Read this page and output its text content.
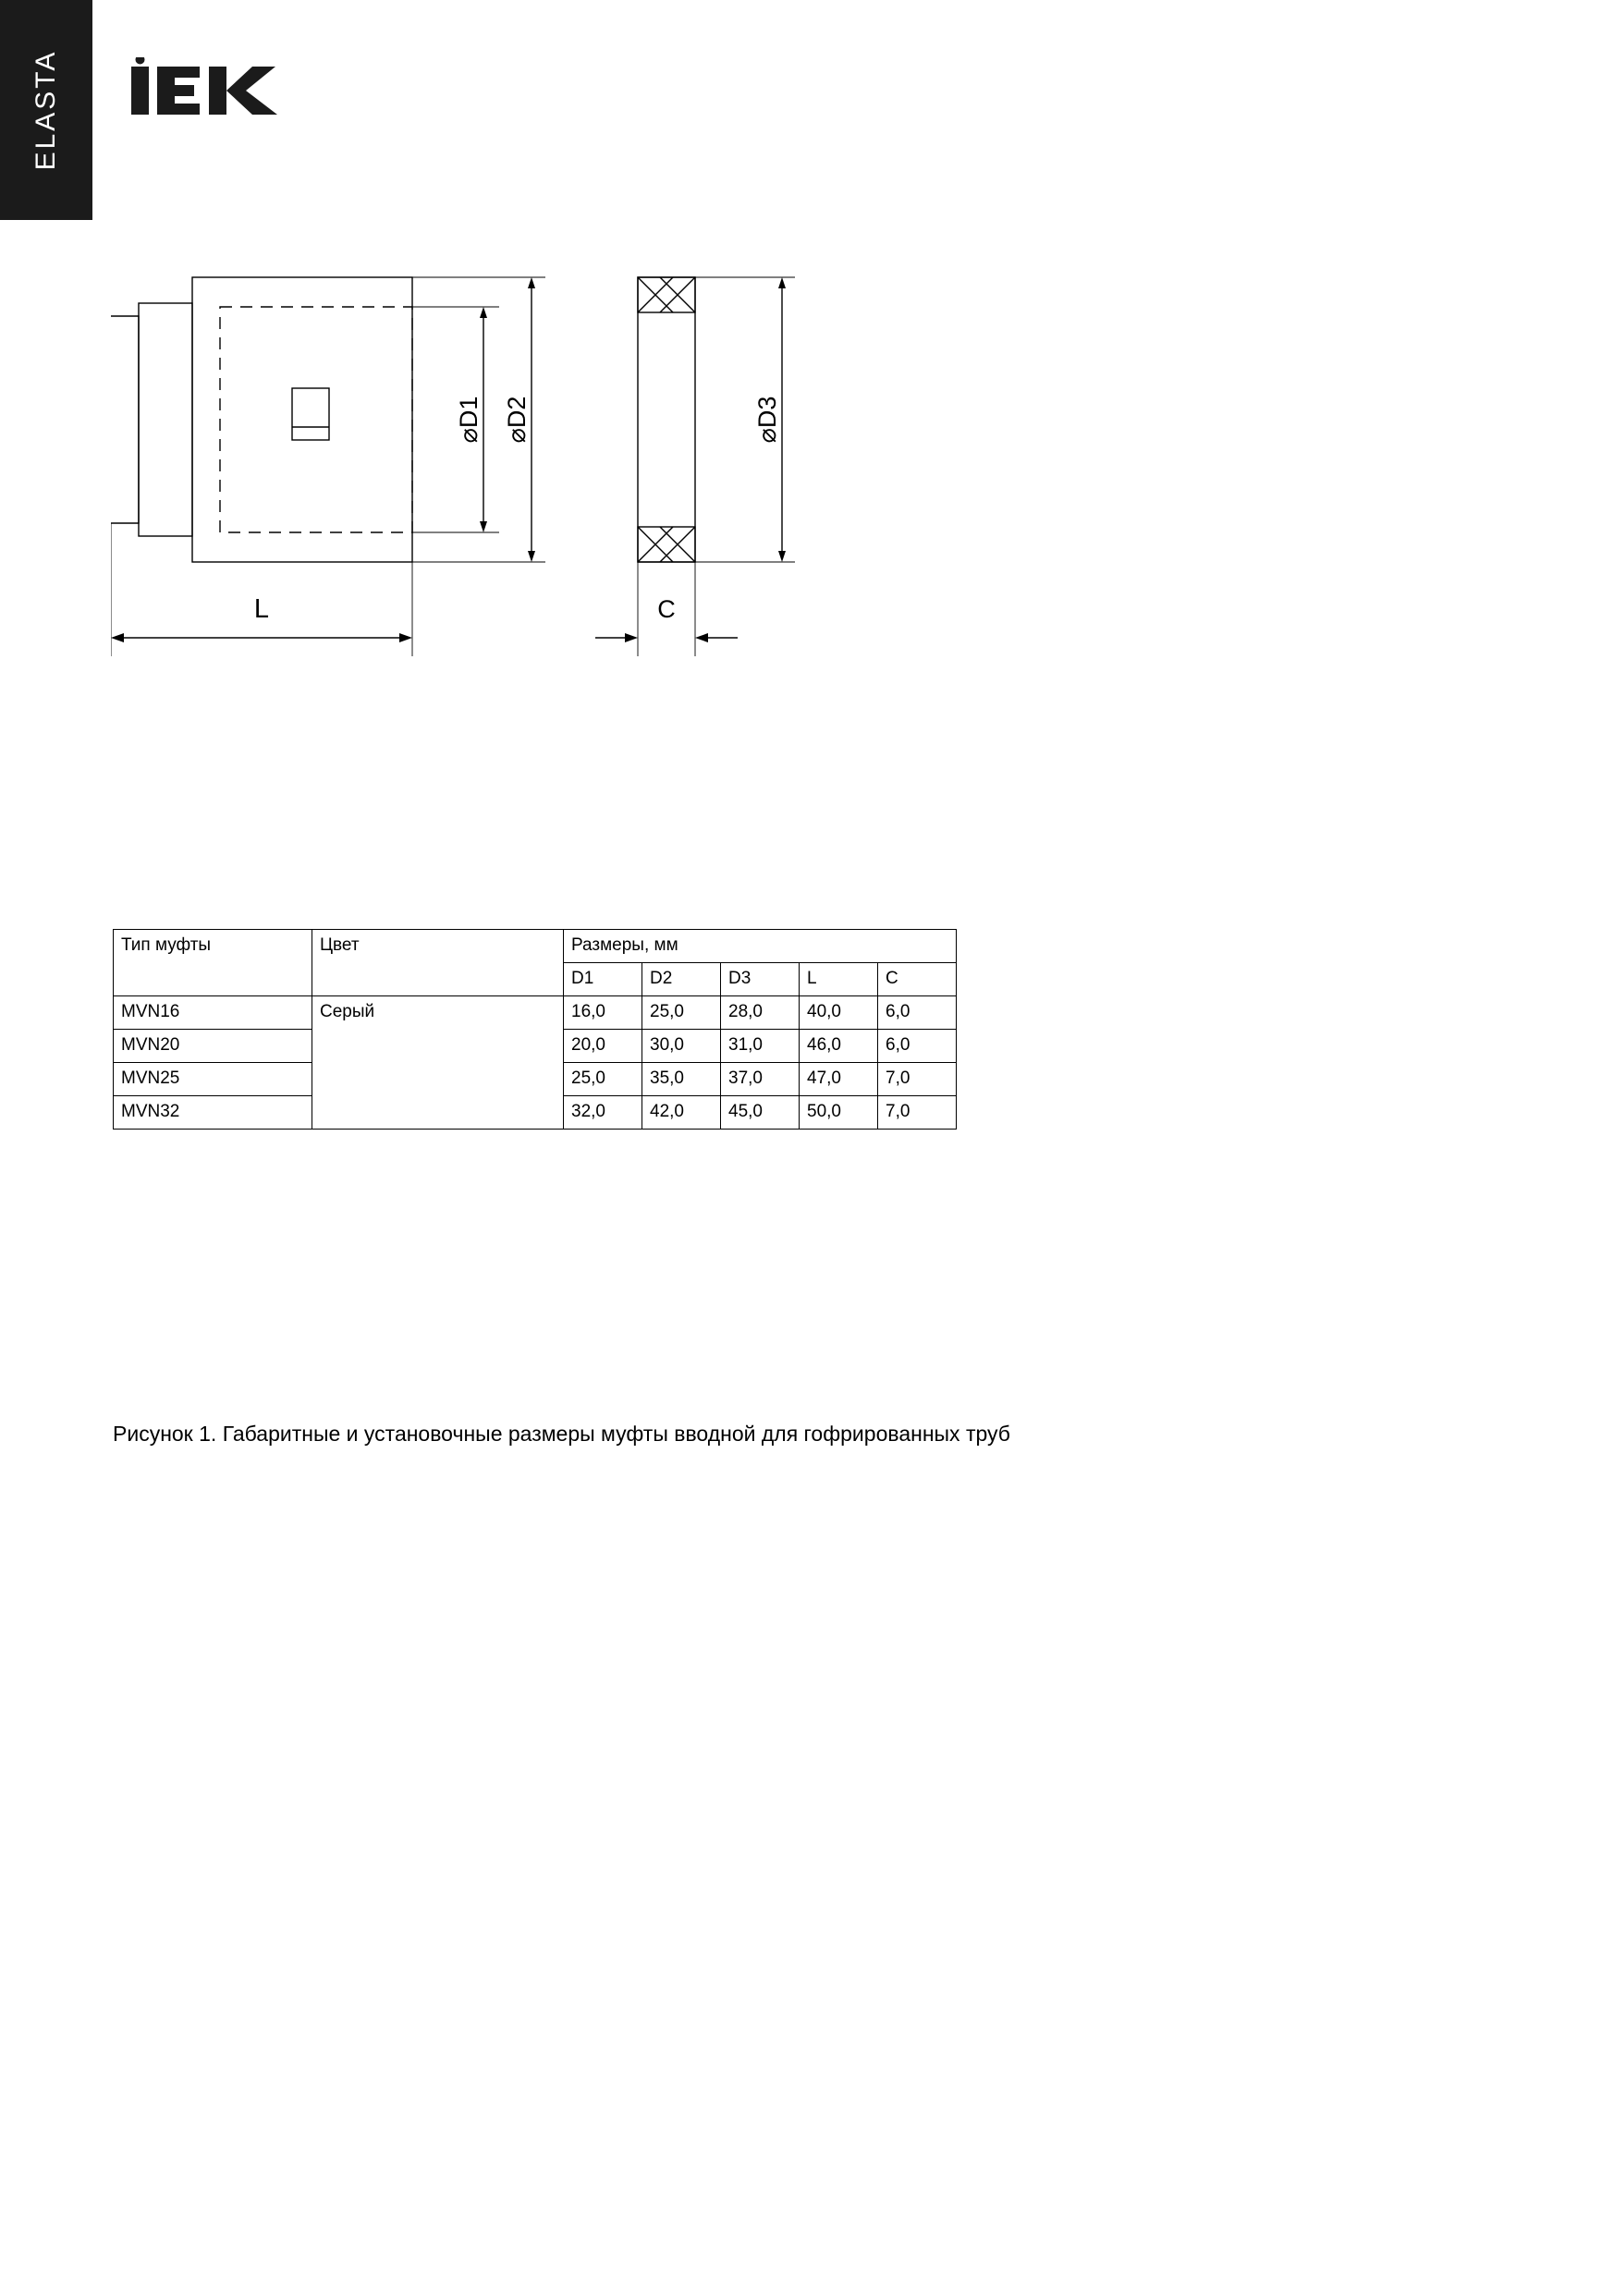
ELASTA
⌀D1 ⌀D2	⌀D3
L	C
Тип муфты	Цвет	Размеры, мм				
		D1	D2	D3	L	C
MVN16	Серый	16,0	25,0	28,0	40,0	6,0
MVN20		20,0	30,0	31,0	46,0	6,0
MVN25		25,0	35,0	37,0	47,0	7,0
MVN32		32,0	42,0	45,0	50,0	7,0
Рисунок 1. Габаритные и установочные размеры муфты вводной для гофрированных труб
